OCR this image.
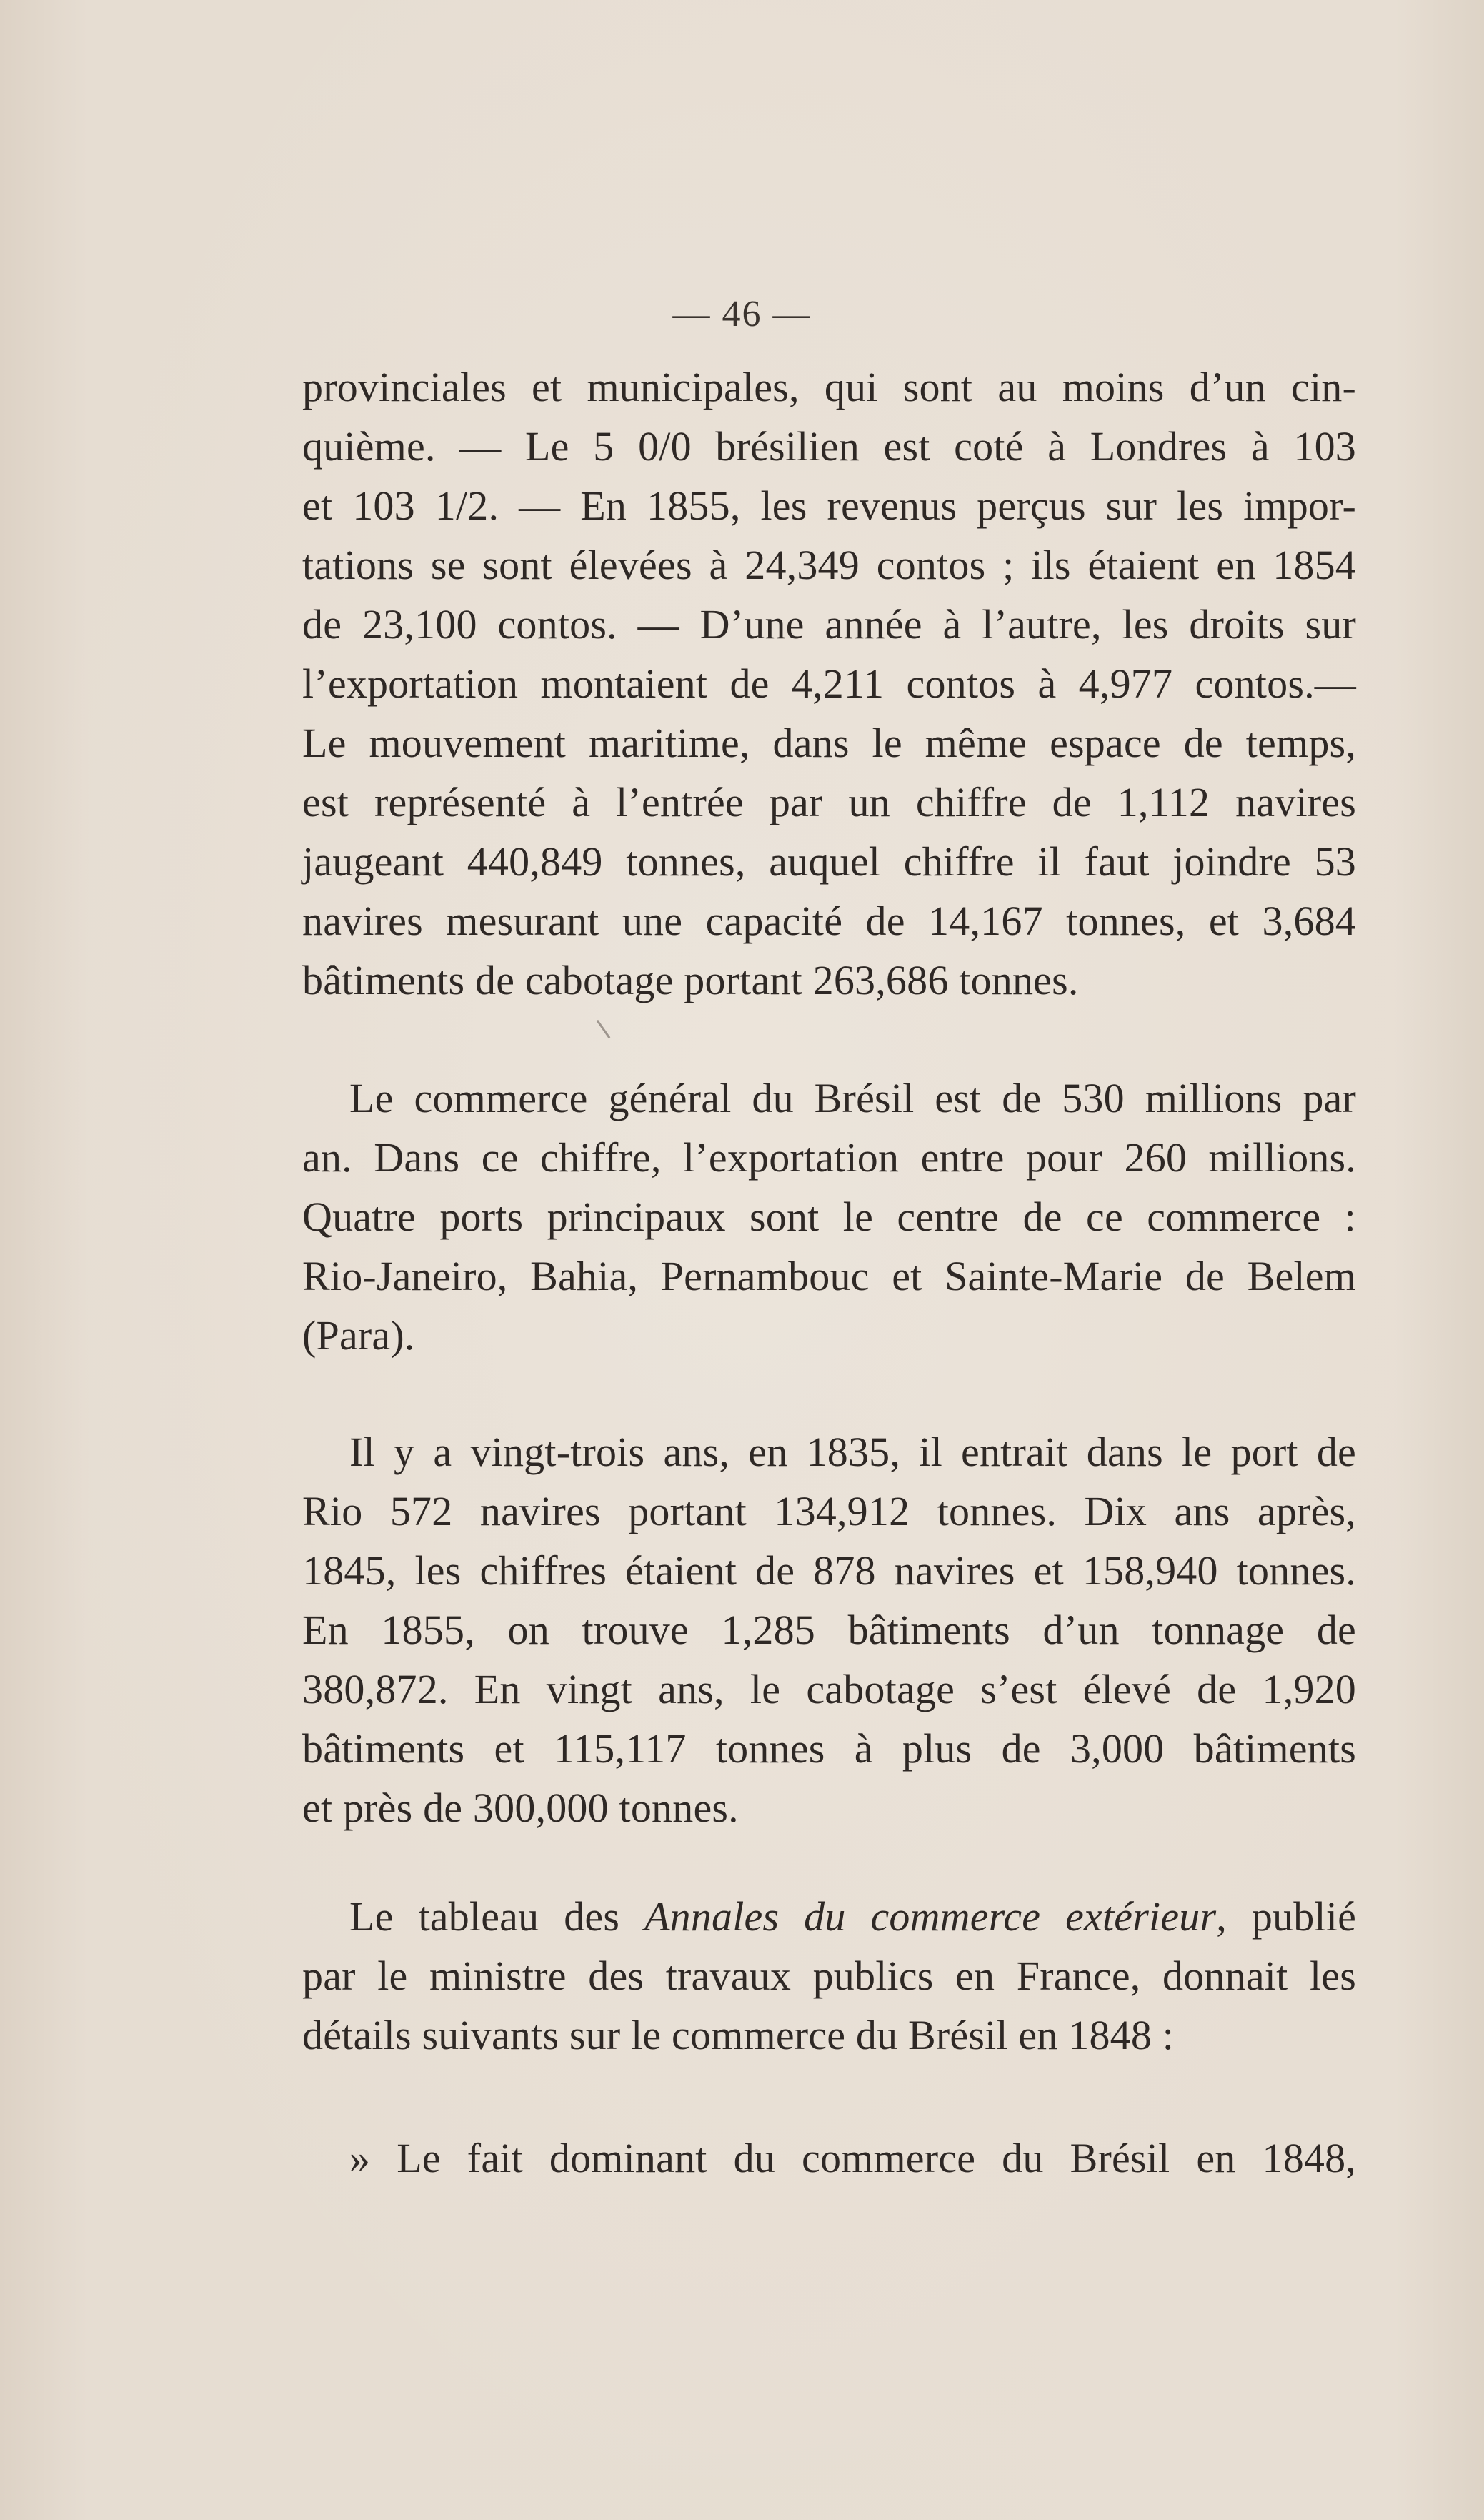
— 46 —
provinciales et municipales, qui sont au moins d’un cin-
quième. — Le 5 0/0 brésilien est coté à Londres à 103
et 103 1/2. — En 1855, les revenus perçus sur les impor-
tations se sont élevées à 24,349 contos ; ils étaient en 1854
de 23,100 contos. — D’une année à l’autre, les droits sur
l’exportation montaient de 4,211 contos à 4,977 contos.—
Le mouvement maritime, dans le même espace de temps,
est représenté à l’entrée par un chiffre de 1,112 navires
jaugeant 440,849 tonnes, auquel chiffre il faut joindre 53
navires mesurant une capacité de 14,167 tonnes, et 3,684
bâtiments de cabotage portant 263,686 tonnes.
Le commerce général du Brésil est de 530 millions par
an. Dans ce chiffre, l’exportation entre pour 260 millions.
Quatre ports principaux sont le centre de ce commerce :
Rio-Janeiro, Bahia, Pernambouc et Sainte-Marie de Belem
(Para).
Il y a vingt-trois ans, en 1835, il entrait dans le port de
Rio 572 navires portant 134,912 tonnes. Dix ans après,
1845, les chiffres étaient de 878 navires et 158,940 tonnes.
En 1855, on trouve 1,285 bâtiments d’un tonnage de
380,872. En vingt ans, le cabotage s’est élevé de 1,920
bâtiments et 115,117 tonnes à plus de 3,000 bâtiments
et près de 300,000 tonnes.
Le tableau des Annales du commerce extérieur, publié
par le ministre des travaux publics en France, donnait les
détails suivants sur le commerce du Brésil en 1848 :
» Le fait dominant du commerce du Brésil en 1848,
